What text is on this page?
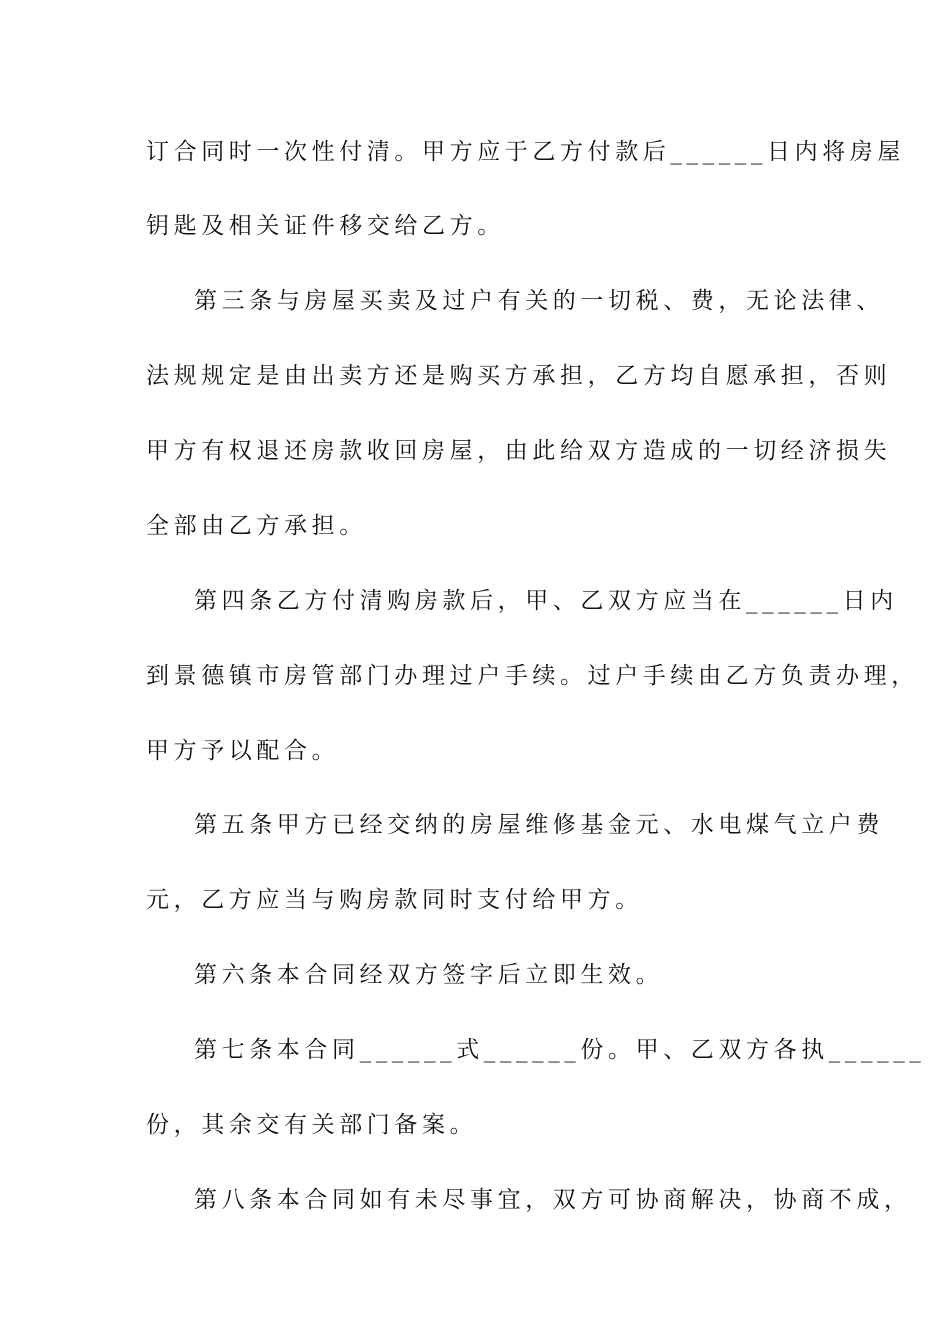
订合同时一次性付清。甲方应于乙方付款后______日内将房屋
钥匙及相关证件移交给乙方。
第三条与房屋买卖及过户有关的一切税、费，无论法律、
法规规定是由出卖方还是购买方承担，乙方均自愿承担，否则
甲方有权退还房款收回房屋，由此给双方造成的一切经济损失
全部由乙方承担。
第四条乙方付清购房款后，甲、乙双方应当在______日内
到景德镇市房管部门办理过户手续。过户手续由乙方负责办理，
甲方予以配合。
第五条甲方已经交纳的房屋维修基金元、水电煤气立户费
元，乙方应当与购房款同时支付给甲方。
第六条本合同经双方签字后立即生效。
第七条本合同______式______份。甲、乙双方各执______
份，其余交有关部门备案。
第八条本合同如有未尽事宜，双方可协商解决，协商不成，
